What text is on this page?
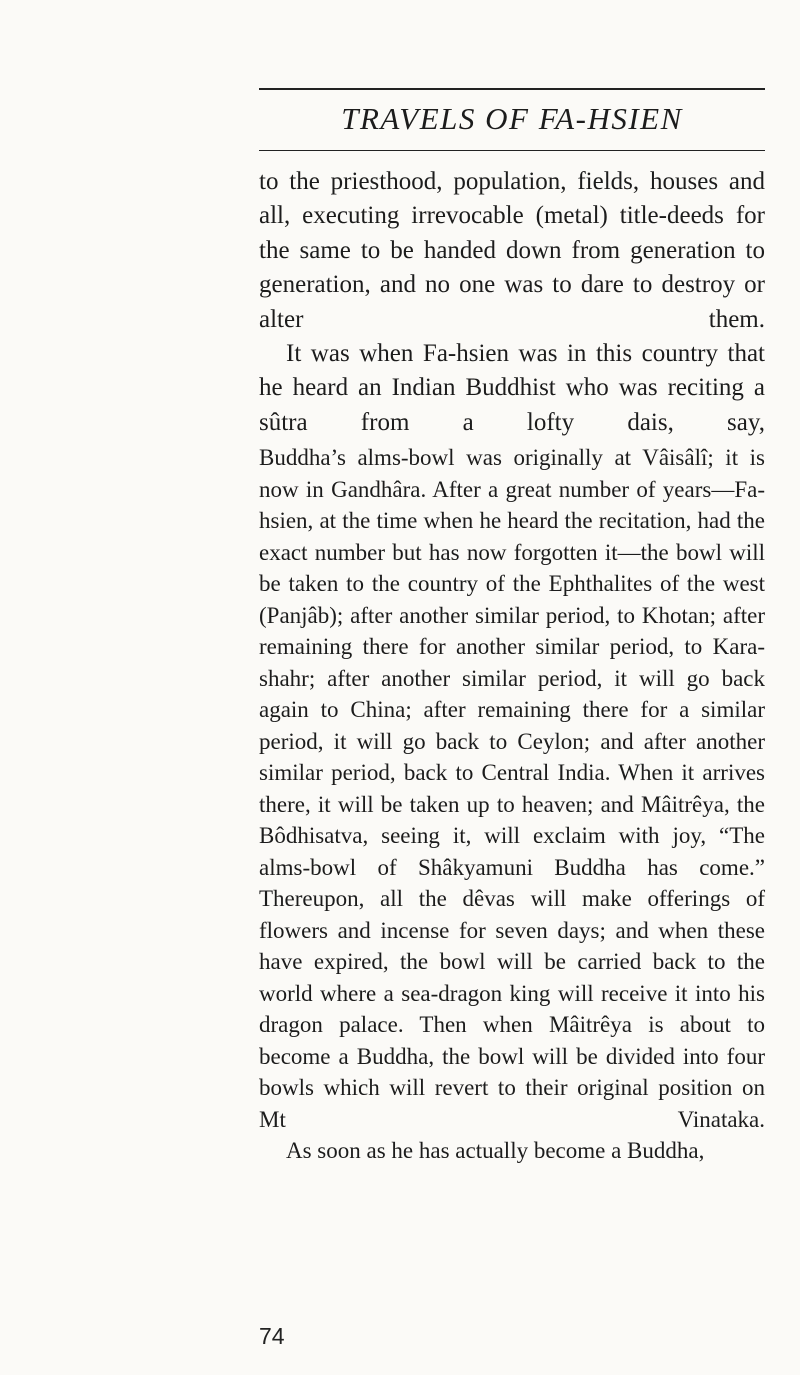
TRAVELS OF FA-HSIEN

to the priesthood, population, fields, houses and all, executing irrevocable (metal) title-deeds for the same to be handed down from generation to generation, and no one was to dare to destroy or alter them.

It was when Fa-hsien was in this country that he heard an Indian Buddhist who was reciting a sûtra from a lofty dais, say,

Buddha’s alms-bowl was originally at Vâisâlî; it is now in Gandhâra. After a great number of years—Fa-hsien, at the time when he heard the recitation, had the exact number but has now forgotten it—the bowl will be taken to the country of the Ephthalites of the west (Panjâb); after another similar period, to Khotan; after remaining there for another similar period, to Kara-shahr; after another similar period, it will go back again to China; after remaining there for a similar period, it will go back to Ceylon; and after another similar period, back to Central India. When it arrives there, it will be taken up to heaven; and Mâitrêya, the Bôdhisatva, seeing it, will exclaim with joy, “The alms-bowl of Shâkyamuni Buddha has come.” Thereupon, all the dêvas will make offerings of flowers and incense for seven days; and when these have expired, the bowl will be carried back to the world where a sea-dragon king will receive it into his dragon palace. Then when Mâitrêya is about to become a Buddha, the bowl will be divided into four bowls which will revert to their original position on Mt Vinataka.

As soon as he has actually become a Buddha,

74
